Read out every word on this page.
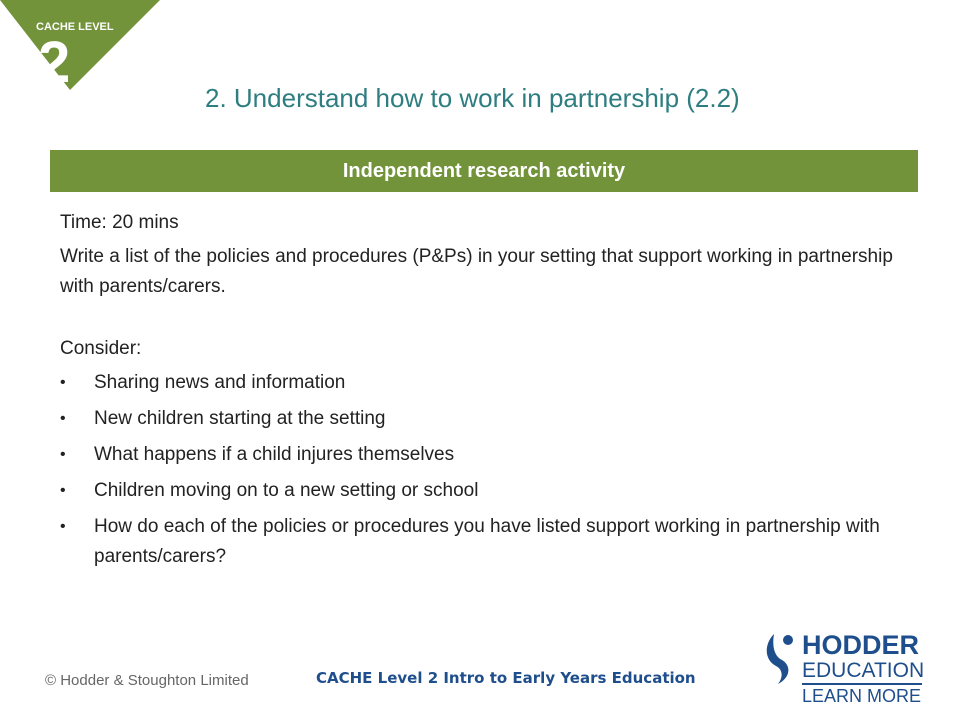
CACHE LEVEL
2
2. Understand how to work in partnership (2.2)
Independent research activity

Time: 20 mins

Write a list of the policies and procedures (P&Ps) in your setting that support working in partnership with parents/carers.

Consider:

• Sharing news and information
• New children starting at the setting
• What happens if a child injures themselves
• Children moving on to a new setting or school
• How do each of the policies or procedures you have listed support working in partnership with parents/carers?
© Hodder & Stoughton Limited	CACHE Level 2 Intro to Early Years Education
HODDER
EDUCATION
LEARN MORE
